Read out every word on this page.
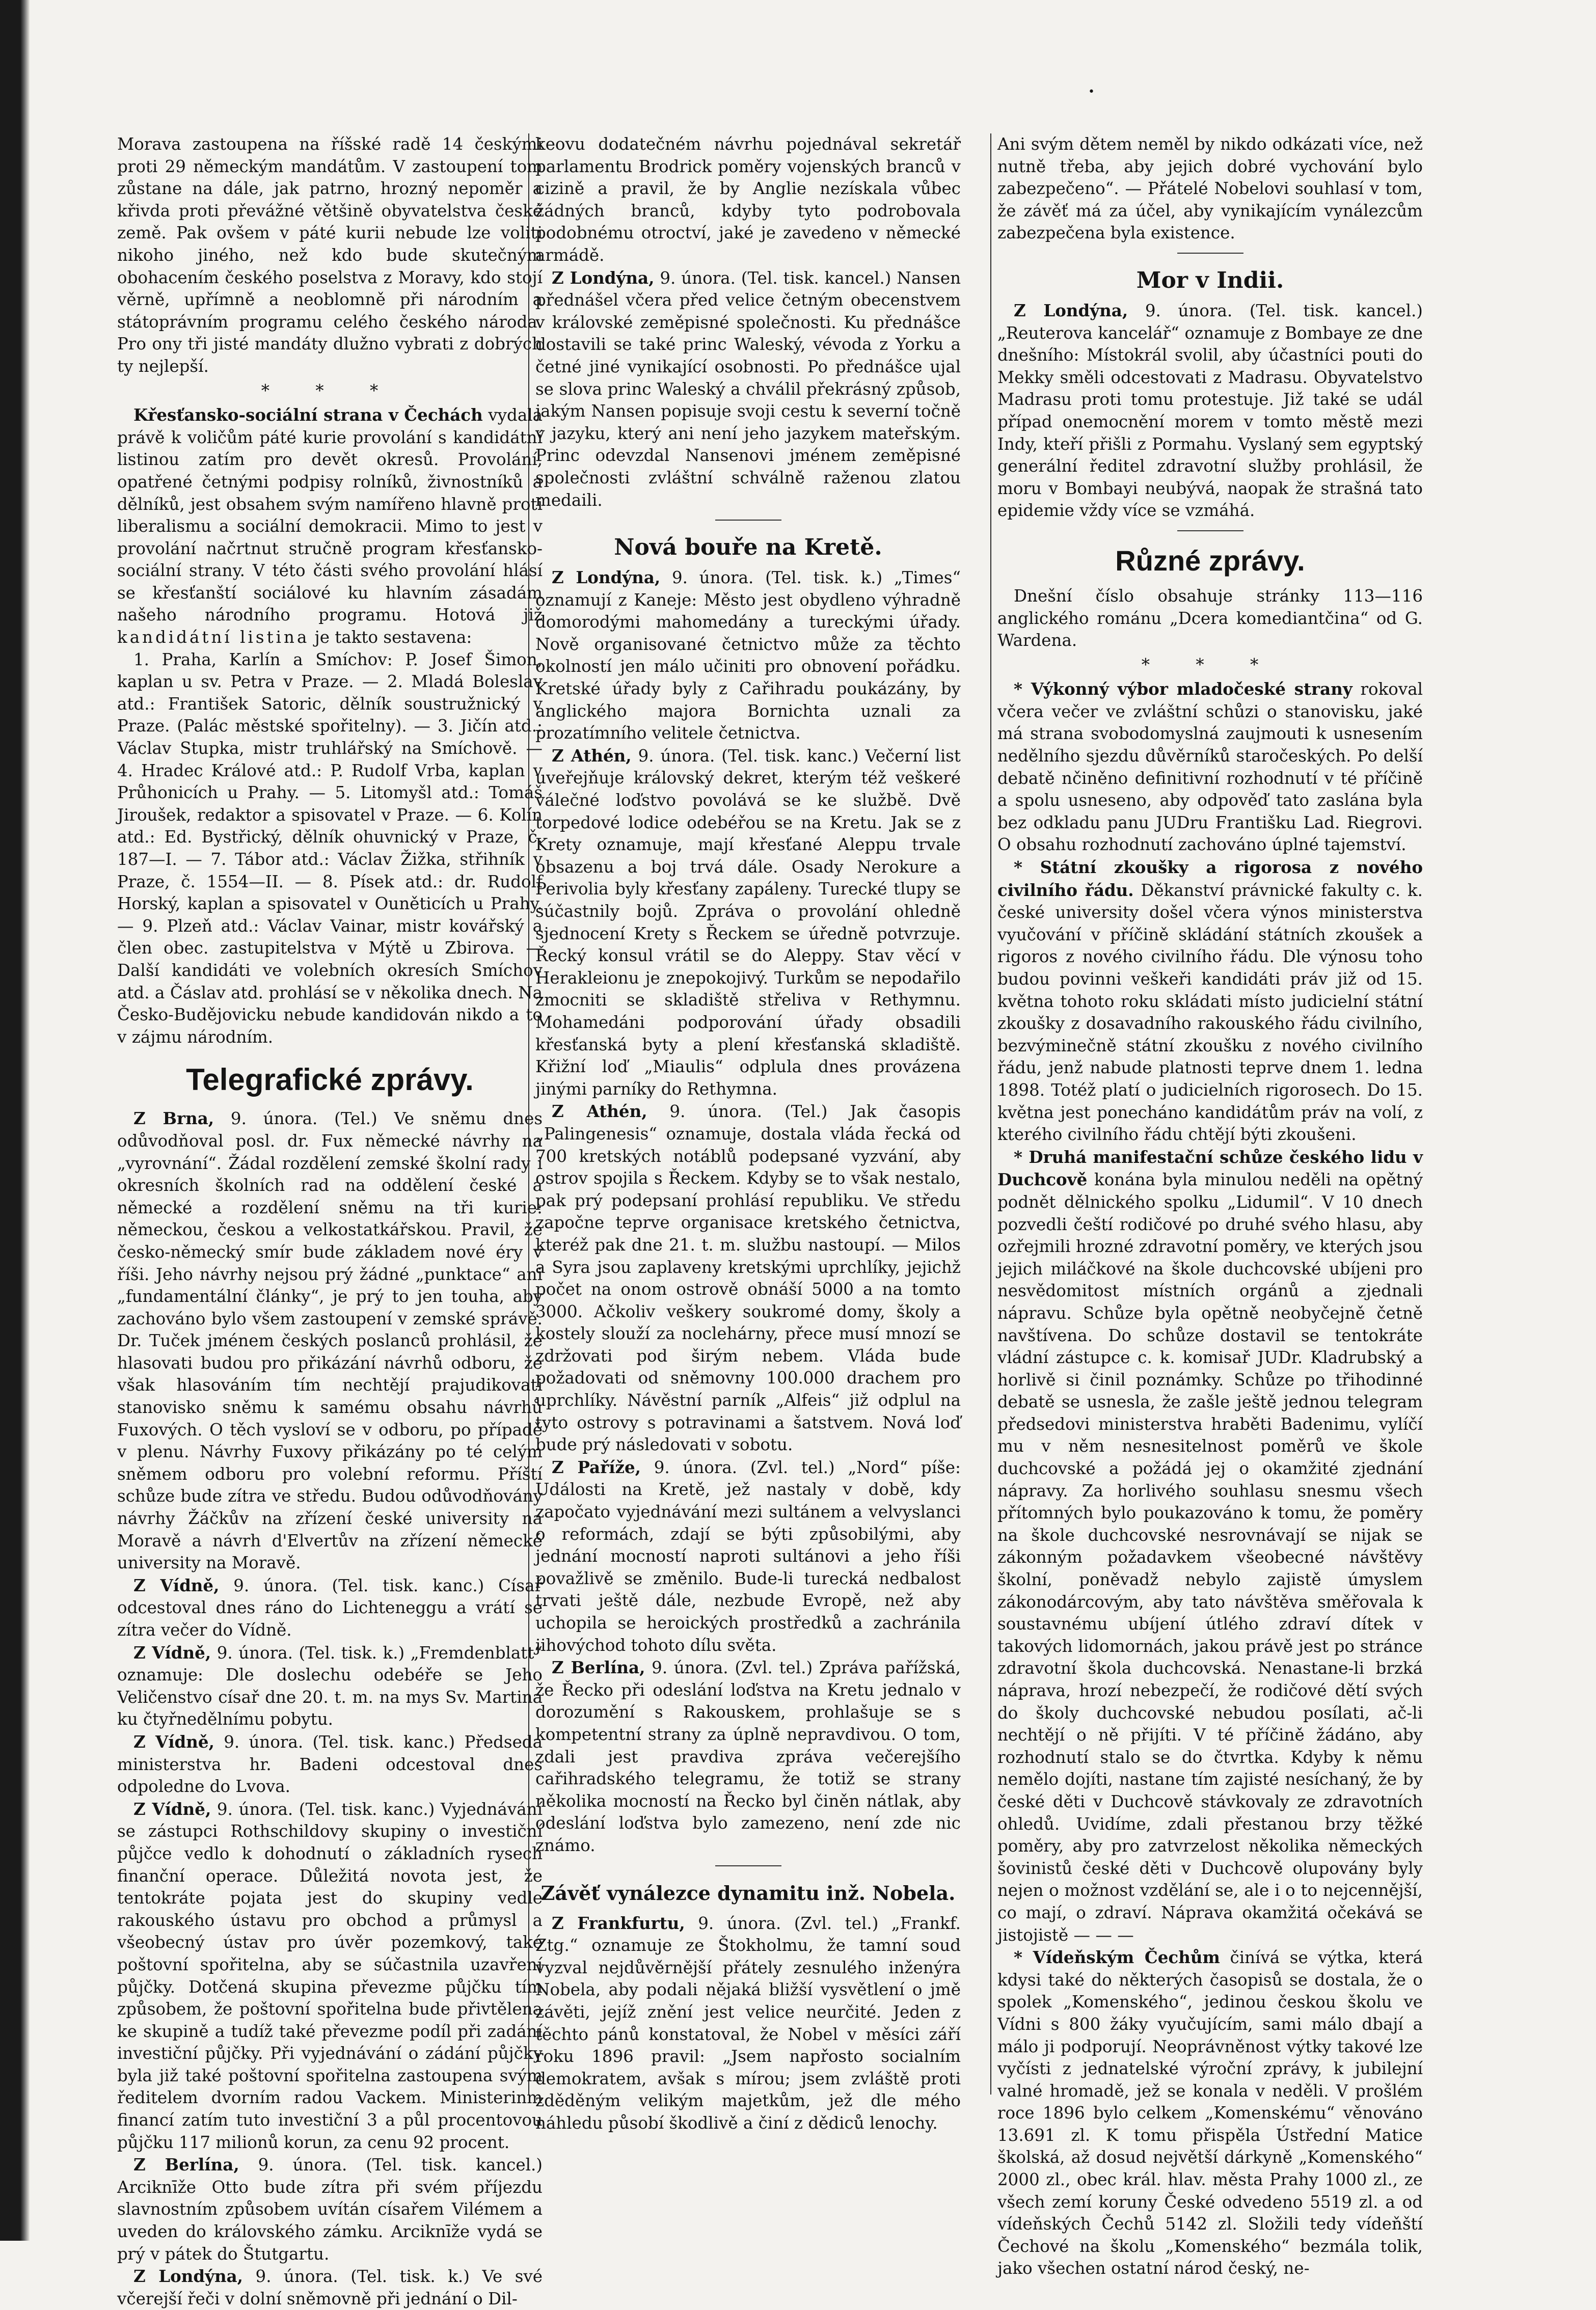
•

Morava zastoupena na říšské radě 14 českými proti 29 německým mandátům. V zastoupení tom zůstane na dále, jak patrno, hrozný nepoměr a křivda proti převážné většině obyvatelstva české země. Pak ovšem v páté kurii nebude lze voliti nikoho jiného, než kdo bude skutečným obohacením českého poselstva z Moravy, kdo stojí věrně, upřímně a neoblomně při národním a státoprávním programu celého českého národa. Pro ony tři jisté mandáty dlužno vybrati z dobrých ty nejlepší.

* * *

Křesťansko-sociální strana v Čechách vydala právě k voličům páté kurie provolání s kandidátní listinou zatím pro devět okresů. Provolání, opatřené četnými podpisy rolníků, živnostníků a dělníků, jest obsahem svým namířeno hlavně proti liberalismu a sociální demokracii. Mimo to jest v provolání načrtnut stručně program křesťansko-sociální strany. V této části svého provolání hlásí se křesťanští sociálové ku hlavním zásadám našeho národního programu. Hotová již kandidátní listina je takto sestavena:

1. Praha, Karlín a Smíchov: P. Josef Šimon, kaplan u sv. Petra v Praze. — 2. Mladá Boleslav atd.: František Satoric, dělník soustružnický v Praze. (Palác městské spořitelny). — 3. Jičín atd.: Václav Stupka, mistr truhlářský na Smíchově. — 4. Hradec Králové atd.: P. Rudolf Vrba, kaplan v Průhonicích u Prahy. — 5. Litomyšl atd.: Tomáš Jiroušek, redaktor a spisovatel v Praze. — 6. Kolín atd.: Ed. Bystřický, dělník ohuvnický v Praze, č. 187—I. — 7. Tábor atd.: Václav Žižka, střihník v Praze, č. 1554—II. — 8. Písek atd.: dr. Rudolf Horský, kaplan a spisovatel v Ouněticích u Prahy. — 9. Plzeň atd.: Václav Vainar, mistr kovářský a člen obec. zastupitelstva v Mýtě u Zbirova. — Další kandidáti ve volebních okresích Smíchov atd. a Čáslav atd. prohlásí se v několika dnech. Na Česko-Budějovicku nebude kandidován nikdo a to v zájmu národním.

Telegrafické zprávy.

Z Brna, 9. února. (Tel.) Ve sněmu dnes odůvodňoval posl. dr. Fux německé návrhy na „vyrovnání“. Žádal rozdělení zemské školní rady i okresních školních rad na oddělení české a německé a rozdělení sněmu na tři kurie: německou, českou a velkostatkářskou. Pravil, že česko-německý smír bude základem nové éry v říši. Jeho návrhy nejsou prý žádné „punktace“ ani „fundamentální články“, je prý to jen touha, aby zachováno bylo všem zastoupení v zemské správě. Dr. Tuček jménem českých poslanců prohlásil, že hlasovati budou pro přikázání návrhů odboru, že však hlasováním tím nechtějí prajudikovati stanovisko sněmu k samému obsahu návrhů Fuxových. O těch vysloví se v odboru, po případě v plenu. Návrhy Fuxovy přikázány po té celým sněmem odboru pro volební reformu. Příští schůze bude zítra ve středu. Budou odůvodňovány návrhy Žáčkův na zřízení české university na Moravě a návrh d'Elvertův na zřízení německé university na Moravě.

Z Vídně, 9. února. (Tel. tisk. kanc.) Císař odcestoval dnes ráno do Lichteneggu a vrátí se zítra večer do Vídně.

Z Vídně, 9. února. (Tel. tisk. k.) „Fremdenblatt“ oznamuje: Dle doslechu odebéře se Jeho Veličenstvo císař dne 20. t. m. na mys Sv. Martina ku čtyřnedělnímu pobytu.

Z Vídně, 9. února. (Tel. tisk. kanc.) Předseda ministerstva hr. Badeni odcestoval dnes odpoledne do Lvova.

Z Vídně, 9. února. (Tel. tisk. kanc.) Vyjednávání se zástupci Rothschildovy skupiny o investiční půjčce vedlo k dohodnutí o základních rysech finanční operace. Důležitá novota jest, že tentokráte pojata jest do skupiny vedle rakouského ústavu pro obchod a průmysl a všeobecný ústav pro úvěr pozemkový, také poštovní spořitelna, aby se súčastnila uzavření půjčky. Dotčená skupina převezme půjčku tím způsobem, že poštovní spořitelna bude přivtělena ke skupině a tudíž také převezme podíl při zadání investiční půjčky. Při vyjednávání o zádání půjčky byla již také poštovní spořitelna zastoupena svým ředitelem dvorním radou Vackem. Ministerinm financí zatím tuto investiční 3 a půl procentovou půjčku 117 milionů korun, za cenu 92 procent.

Z Berlína, 9. února. (Tel. tisk. kancel.) Arciknīže Otto bude zítra při svém příjezdu slavnostním způsobem uvítán císařem Vilémem a uveden do královského zámku. Arciknīže vydá se prý v pátek do Štutgartu.

Z Londýna, 9. února. (Tel. tisk. k.) Ve své včerejší řeči v dolní sněmovně při jednání o Dil-

keovu dodatečném návrhu pojednával sekretář parlamentu Brodrick poměry vojenských branců v cizině a pravil, že by Anglie nezískala vůbec žádných branců, kdyby tyto podrobovala podobnému otroctví, jaké je zavedeno v německé armádě.

Z Londýna, 9. února. (Tel. tisk. kancel.) Nansen přednášel včera před velice četným obecenstvem v královské zeměpisné společnosti. Ku přednášce dostavili se také princ Waleský, vévoda z Yorku a četné jiné vynikající osobnosti. Po přednášce ujal se slova princ Waleský a chválil překrásný způsob, jakým Nansen popisuje svoji cestu k severní točně v jazyku, který ani není jeho jazykem mateřským. Princ odevzdal Nansenovi jménem zeměpisné společnosti zvláštní schválně raženou zlatou medaili.

Nová bouře na Kretě.

Z Londýna, 9. února. (Tel. tisk. k.) „Times“ oznamují z Kaneje: Město jest obydleno výhradně domorodými mahomedány a tureckými úřady. Nově organisované četnictvo může za těchto okolností jen málo učiniti pro obnovení pořádku. Kretské úřady byly z Cařihradu poukázány, by anglického majora Bornichta uznali za prozatímního velitele četnictva.

Z Athén, 9. února. (Tel. tisk. kanc.) Večerní list uveřejňuje královský dekret, kterým též veškeré válečné loďstvo povolává se ke službě. Dvě torpedové lodice odebéřou se na Kretu. Jak se z Krety oznamuje, mají křesťané Aleppu trvale obsazenu a boj trvá dále. Osady Nerokure a Perivolia byly křesťany zapáleny. Turecké tlupy se súčastnily bojů. Zpráva o provolání ohledně sjednocení Krety s Řeckem se úředně potvrzuje. Řecký konsul vrátil se do Aleppy. Stav věcí v Herakleionu je znepokojivý. Turkům se nepodařilo zmocniti se skladiště střeliva v Rethymnu. Mohamedáni podporování úřady obsadili křesťanská byty a plení křesťanská skladiště. Křižní loď „Miaulis“ odplula dnes provázena jinými parníky do Rethymna.

Z Athén, 9. února. (Tel.) Jak časopis „Palingenesis“ oznamuje, dostala vláda řecká od 700 kretských notáblů podepsané vyzvání, aby ostrov spojila s Řeckem. Kdyby se to však nestalo, pak prý podepsaní prohlásí republiku. Ve středu započne teprve organisace kretského četnictva, kteréž pak dne 21. t. m. službu nastoupí. — Milos a Syra jsou zaplaveny kretskými uprchlíky, jejichž počet na onom ostrově obnáší 5000 a na tomto 3000. Ačkoliv veškery soukromé domy, školy a kostely slouží za noclehárny, přece musí mnozí se zdržovati pod širým nebem. Vláda bude požadovati od sněmovny 100.000 drachem pro uprchlíky. Návěstní parník „Alfeis“ již odplul na tyto ostrovy s potravinami a šatstvem. Nová loď bude prý následovati v sobotu.

Z Paříže, 9. února. (Zvl. tel.) „Nord“ píše: Události na Kretě, jež nastaly v době, kdy započato vyjednávání mezi sultánem a velvyslanci o reformách, zdají se býti způsobilými, aby jednání mocností naproti sultánovi a jeho říši považlivě se změnilo. Bude-li turecká nedbalost trvati ještě dále, nezbude Evropě, než aby uchopila se heroických prostředků a zachránila jihovýchod tohoto dílu světa.

Z Berlína, 9. února. (Zvl. tel.) Zpráva pařížská, že Řecko při odeslání loďstva na Kretu jednalo v dorozumění s Rakouskem, prohlašuje se s kompetentní strany za úplně nepravdivou. O tom, zdali jest pravdiva zpráva večerejšího cařihradského telegramu, že totiž se strany několika mocností na Řecko byl činěn nátlak, aby odeslání loďstva bylo zamezeno, není zde nic známo.

Závěť vynálezce dynamitu inž. Nobela.

Z Frankfurtu, 9. února. (Zvl. tel.) „Frankf. Ztg.“ oznamuje ze Štokholmu, že tamní soud vyzval nejdůvěrnější přátely zesnulého inženýra Nobela, aby podali nějaká bližší vysvětlení o jmě závěti, jejíž znění jest velice neurčité. Jeden z těchto pánů konstatoval, že Nobel v měsíci září roku 1896 pravil: „Jsem napřosto socialním demokratem, avšak s mírou; jsem zvláště proti zděděným velikým majetkům, jež dle mého náhledu působí škodlivě a činí z dědiců lenochy.

Ani svým dětem neměl by nikdo odkázati více, než nutně třeba, aby jejich dobré vychování bylo zabezpečeno“. — Přátelé Nobelovi souhlasí v tom, že závěť má za účel, aby vynikajícím vynálezcům zabezpečena byla existence.

Mor v Indii.

Z Londýna, 9. února. (Tel. tisk. kancel.) „Reuterova kancelář“ oznamuje z Bombaye ze dne dnešního: Místokrál svolil, aby účastníci pouti do Mekky směli odcestovati z Madrasu. Obyvatelstvo Madrasu proti tomu protestuje. Již také se udál případ onemocnění morem v tomto městě mezi Indy, kteří přišli z Pormahu. Vyslaný sem egyptský generální ředitel zdravotní služby prohlásil, že moru v Bombayi neubývá, naopak že strašná tato epidemie vždy více se vzmáhá.

Různé zprávy.

Dnešní číslo obsahuje stránky 113—116 anglického románu „Dcera komediantčina“ od G. Wardena.

* * *

* Výkonný výbor mladočeské strany rokoval včera večer ve zvláštní schůzi o stanovisku, jaké má strana svobodomyslná zaujmouti k usnesením nedělního sjezdu důvěrníků staročeských. Po delší debatě nčiněno definitivní rozhodnutí v té příčině a spolu usneseno, aby odpověď tato zaslána byla bez odkladu panu JUDru Františku Lad. Riegrovi. O obsahu rozhodnutí zachováno úplné tajemství.

* Státní zkoušky a rigorosa z nového civilního řádu. Děkanství právnické fakulty c. k. české university došel včera výnos ministerstva vyučování v příčině skládání státních zkoušek a rigoros z nového civilního řádu. Dle výnosu toho budou povinni veškeři kandidáti práv již od 15. května tohoto roku skládati místo judicielní státní zkoušky z dosavadního rakouského řádu civilního, bezvýminečně státní zkoušku z nového civilního řádu, jenž nabude platnosti teprve dnem 1. ledna 1898. Totéž platí o judicielních rigorosech. Do 15. května jest ponecháno kandidátům práv na volí, z kterého civilního řádu chtějí býti zkoušeni.

* Druhá manifestační schůze českého lidu v Duchcově konána byla minulou neděli na opětný podnět dělnického spolku „Lidumil“. V 10 dnech pozvedli čeští rodičové po druhé svého hlasu, aby ozřejmili hrozné zdravotní poměry, ve kterých jsou jejich miláčkové na škole duchcovské ubíjeni pro nesvědomitost místních orgánů a zjednali nápravu. Schůze byla opětně neobyčejně četně navštívena. Do schůze dostavil se tentokráte vládní zástupce c. k. komisař JUDr. Kladrubský a horlivě si činil poznámky. Schůze po třihodinné debatě se usnesla, že zašle ještě jednou telegram předsedovi ministerstva hraběti Badenimu, vylíčí mu v něm nesnesitelnost poměrů ve škole duchcovské a požádá jej o okamžité zjednání nápravy. Za horlivého souhlasu snesmu všech přítomných bylo poukazováno k tomu, že poměry na škole duchcovské nesrovnávají se nijak se zákonným požadavkem všeobecné návštěvy školní, poněvadž nebylo zajistě úmyslem zákonodárcovým, aby tato návštěva směřovala k soustavnému ubíjení útlého zdraví dítek v takových lidomornách, jakou právě jest po stránce zdravotní škola duchcovská. Nenastane-li brzká náprava, hrozí nebezpečí, že rodičové dětí svých do školy duchcovské nebudou posílati, ač-li nechtějí o ně přijíti. V té příčině žádáno, aby rozhodnutí stalo se do čtvrtka. Kdyby k němu nemělo dojíti, nastane tím zajisté nesíchaný, že by české děti v Duchcově stávkovaly ze zdravotních ohledů. Uvidíme, zdali přestanou brzy těžké poměry, aby pro zatvrzelost několika německých šovinistů české děti v Duchcově olupovány byly nejen o možnost vzdělání se, ale i o to nejcennější, co mají, o zdraví. Náprava okamžitá očekává se jistojistě — — —

* Vídeňským Čechům činívá se výtka, která kdysi také do některých časopisů se dostala, že o spolek „Komenského“, jedinou českou školu ve Vídni s 800 žáky vyučujícím, sami málo dbají a málo ji podporují. Neoprávněnost výtky takové lze vyčísti z jednatelské výroční zprávy, k jubilejní valné hromadě, jež se konala v neděli. V prošlém roce 1896 bylo celkem „Komenskému“ věnováno 13.691 zl. K tomu přispěla Ústřední Matice školská, až dosud největší dárkyně „Komenského“ 2000 zl., obec král. hlav. města Prahy 1000 zl., ze všech zemí koruny České odvedeno 5519 zl. a od vídeňských Čechů 5142 zl. Složili tedy vídeňští Čechové na školu „Komenského“ bezmála tolik, jako všechen ostatní národ český, ne-
